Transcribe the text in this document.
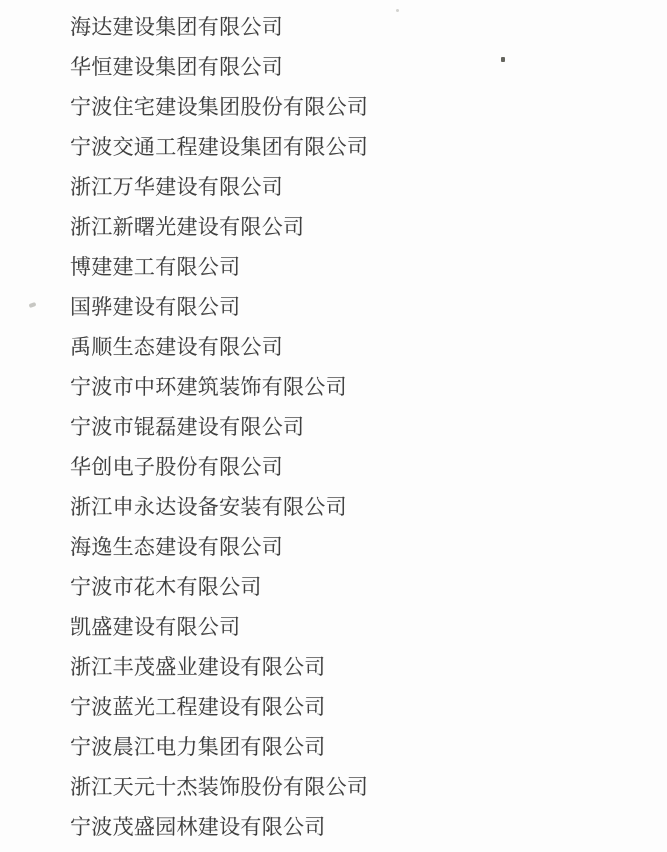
海达建设集团有限公司
华恒建设集团有限公司
宁波住宅建设集团股份有限公司
宁波交通工程建设集团有限公司
浙江万华建设有限公司
浙江新曙光建设有限公司
博建建工有限公司
国骅建设有限公司
禹顺生态建设有限公司
宁波市中环建筑装饰有限公司
宁波市锟磊建设有限公司
华创电子股份有限公司
浙江申永达设备安装有限公司
海逸生态建设有限公司
宁波市花木有限公司
凯盛建设有限公司
浙江丰茂盛业建设有限公司
宁波蓝光工程建设有限公司
宁波晨江电力集团有限公司
浙江天元十杰装饰股份有限公司
宁波茂盛园林建设有限公司
